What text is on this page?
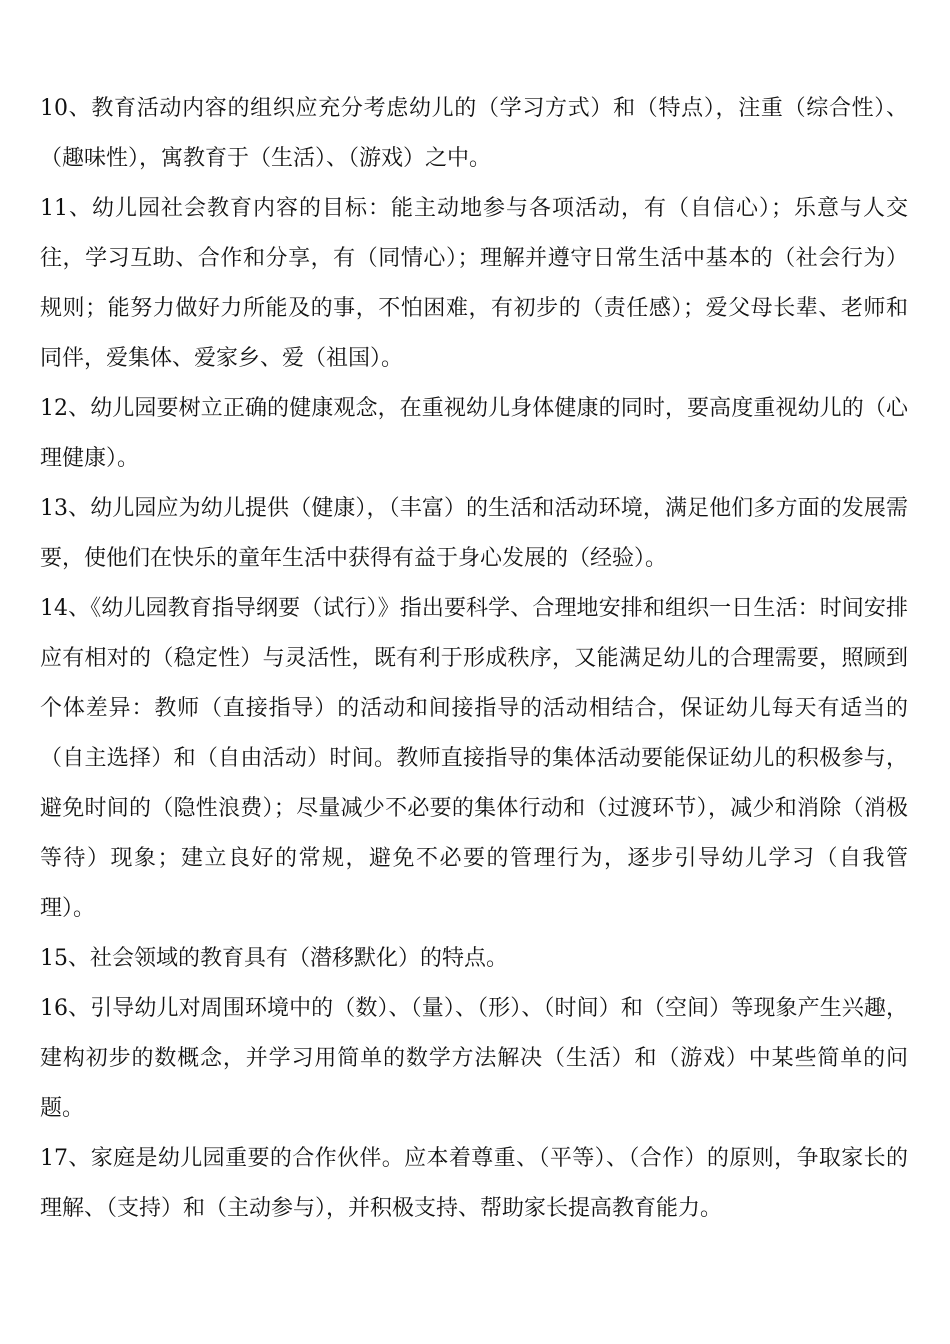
10、教育活动内容的组织应充分考虑幼儿的（学习方式）和（特点），注重（综合性）、（趣味性），寓教育于（生活）、（游戏）之中。

11、幼儿园社会教育内容的目标：能主动地参与各项活动，有（自信心）；乐意与人交往，学习互助、合作和分享，有（同情心）；理解并遵守日常生活中基本的（社会行为）规则；能努力做好力所能及的事，不怕困难，有初步的（责任感）；爱父母长辈、老师和同伴，爱集体、爱家乡、爱（祖国）。

12、幼儿园要树立正确的健康观念，在重视幼儿身体健康的同时，要高度重视幼儿的（心理健康）。

13、幼儿园应为幼儿提供（健康），（丰富）的生活和活动环境，满足他们多方面的发展需要，使他们在快乐的童年生活中获得有益于身心发展的（经验）。

14、《幼儿园教育指导纲要（试行）》指出要科学、合理地安排和组织一日生活：时间安排应有相对的（稳定性）与灵活性，既有利于形成秩序，又能满足幼儿的合理需要，照顾到个体差异：教师（直接指导）的活动和间接指导的活动相结合，保证幼儿每天有适当的（自主选择）和（自由活动）时间。教师直接指导的集体活动要能保证幼儿的积极参与，避免时间的（隐性浪费）；尽量减少不必要的集体行动和（过渡环节），减少和消除（消极等待）现象；建立良好的常规，避免不必要的管理行为，逐步引导幼儿学习（自我管理）。

15、社会领域的教育具有（潜移默化）的特点。

16、引导幼儿对周围环境中的（数）、（量）、（形）、（时间）和（空间）等现象产生兴趣，建构初步的数概念，并学习用简单的数学方法解决（生活）和（游戏）中某些简单的问题。

17、家庭是幼儿园重要的合作伙伴。应本着尊重、（平等）、（合作）的原则，争取家长的理解、（支持）和（主动参与），并积极支持、帮助家长提高教育能力。
